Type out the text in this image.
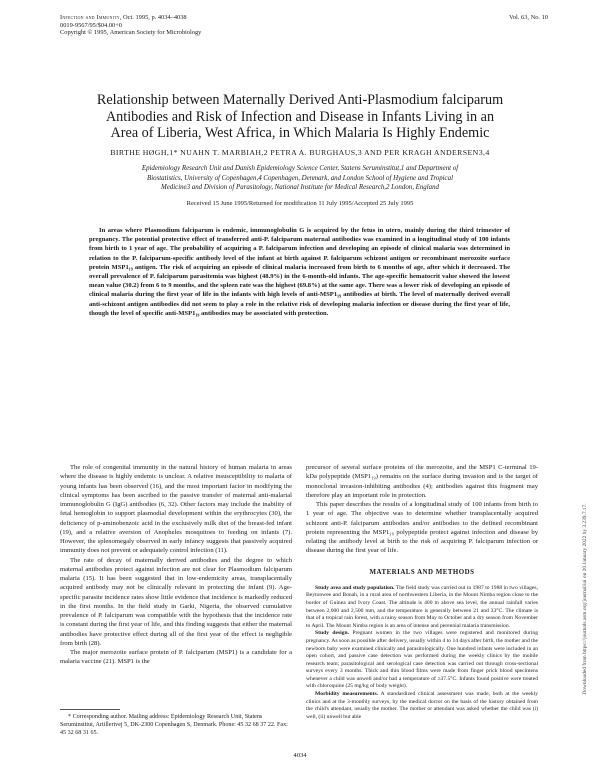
Infection and Immunity, Oct. 1995, p. 4034–4038
0019-9567/95/$04.00+0
Copyright © 1995, American Society for Microbiology
Vol. 63, No. 10
Relationship between Maternally Derived Anti-Plasmodium falciparum
Antibodies and Risk of Infection and Disease in Infants Living in an
Area of Liberia, West Africa, in Which Malaria Is Highly Endemic
BIRTHE HØGH,1* NUAHN T. MARBIAH,2 PETRA A. BURGHAUS,3 AND PER KRAGH ANDERSEN3,4
Epidemiology Research Unit and Danish Epidemiology Science Center, Statens Seruminstitut,1 and Department of
Biostatistics, University of Copenhagen,4 Copenhagen, Denmark, and London School of Hygiene and Tropical
Medicine3 and Division of Parasitology, National Institute for Medical Research,2 London, England
Received 15 June 1995/Returned for modification 11 July 1995/Accepted 25 July 1995
In areas where Plasmodium falciparum is endemic, immunoglobulin G is acquired by the fetus in utero, mainly during the third trimester of pregnancy. The potential protective effect of transferred anti-P. falciparum maternal antibodies was examined in a longitudinal study of 100 infants from birth to 1 year of age. The probability of acquiring a P. falciparum infection and developing an episode of clinical malaria was determined in relation to the P. falciparum-specific antibody level of the infant at birth against P. falciparum schizont antigen or recombinant merozoite surface protein MSP1₁₉ antigen. The risk of acquiring an episode of clinical malaria increased from birth to 6 months of age, after which it decreased. The overall prevalence of P. falciparum parasitemia was highest (48.9%) in the 6-month-old infants. The age-specific hematocrit value showed the lowest mean value (30.2) from 6 to 9 months, and the spleen rate was the highest (69.8%) at the same age. There was a lower risk of developing an episode of clinical malaria during the first year of life in the infants with high levels of anti-MSP1₁₉ antibodies at birth. The level of maternally derived overall anti-schizont antigen antibodies did not seem to play a role in the relative risk of developing malaria infection or disease during the first year of life, though the level of specific anti-MSP1₁₉ antibodies may be associated with protection.

The role of congenital immunity in the natural history of human malaria in areas where the disease is highly endemic is unclear. A relative insusceptibility to malaria of young infants has been observed (16), and the most important factor in modifying the clinical symptoms has been ascribed to the passive transfer of maternal anti-malarial immunoglobulin G (IgG) antibodies (6, 32). Other factors may include the inability of fetal hemoglobin to support plasmodial development within the erythrocytes (30), the deficiency of p-aminobenzoic acid in the exclusively milk diet of the breast-fed infant (19), and a relative aversion of Anopheles mosquitoes to feeding on infants (7). However, the splenomegaly observed in early infancy suggests that passively acquired immunity does not prevent or adequately control infection (11).

The rate of decay of maternally derived antibodies and the degree to which maternal antibodies protect against infection are not clear for Plasmodium falciparum malaria (15). It has been suggested that in low-endemicity areas, transplacentally acquired antibody may not be clinically relevant in protecting the infant (9). Age-specific parasite incidence rates show little evidence that incidence is markedly reduced in the first months. In the field study in Garki, Nigeria, the observed cumulative prevalence of P. falciparum was compatible with the hypothesis that the incidence rate is constant during the first year of life, and this finding suggests that either the maternal antibodies have protective effect during all of the first year of the effect is negligible from birth (28).

The major merozoite surface protein of P. falciparum (MSP1) is a candidate for a malaria vaccine (21). MSP1 is the

precursor of several surface proteins of the merozoite, and the MSP1 C-terminal 19-kDa polypeptide (MSP1₁₉) remains on the surface during invasion and is the target of monoclonal invasion-inhibiting antibodies (4); antibodies against this fragment may therefore play an important role in protection.

This paper describes the results of a longitudinal study of 100 infants from birth to 1 year of age. The objective was to determine whether transplacentally acquired schizont anti-P. falciparum antibodies and/or antibodies to the defined recombinant protein representing the MSP1₁₉ polypeptide protect against infection and disease by relating the antibody level at birth to the risk of acquiring P. falciparum infection or disease during the first year of life.

MATERIALS AND METHODS

Study area and study population. The field study was carried out in 1987 to 1988 in two villages, Beytonwee and Bonah, in a rural area of northwestern Liberia, in the Mount Nimba region close to the border of Guinea and Ivory Coast. The altitude is 400 m above sea level, the annual rainfall varies between 2,000 and 2,500 mm, and the temperature is generally between 21 and 33°C. The climate is that of a tropical rain forest, with a rainy season from May to October and a dry season from November to April. The Mount Nimba region is an area of intense and perennial malaria transmission.

Study design. Pregnant women in the two villages were registered and monitored during pregnancy. As soon as possible after delivery, usually within 4 to 14 days after birth, the mother and the newborn baby were examined clinically and parasitologically. One hundred infants were included in an open cohort, and passive case detection was performed during the weekly clinics by the mobile research team; parasitological and serological case detection was carried out through cross-sectional surveys every 3 months. Thick and thin blood films were made from finger prick blood specimens whenever a child was unwell and/or had a temperature of ≥37.5°C. Infants found positive were treated with chloroquine (25 mg/kg of body weight).

Morbidity measurements. A standardized clinical assessment was made, both at the weekly clinics and at the 3-monthly surveys, by the medical doctor on the basis of the history obtained from the child's attendant, usually the mother. The mother or attendant was asked whether the child was (i) well, (ii) unwell but able

* Corresponding author. Mailing address: Epidemiology Research Unit, Statens Seruminstitut, Artillerivej 5, DK-2300 Copenhagen S, Denmark. Phone: 45 32 68 37 22. Fax: 45 32 68 31 65.

4034
Downloaded from https://journals.asm.org/journal/iai on 20 January 2022 by 3.239.7.17.
